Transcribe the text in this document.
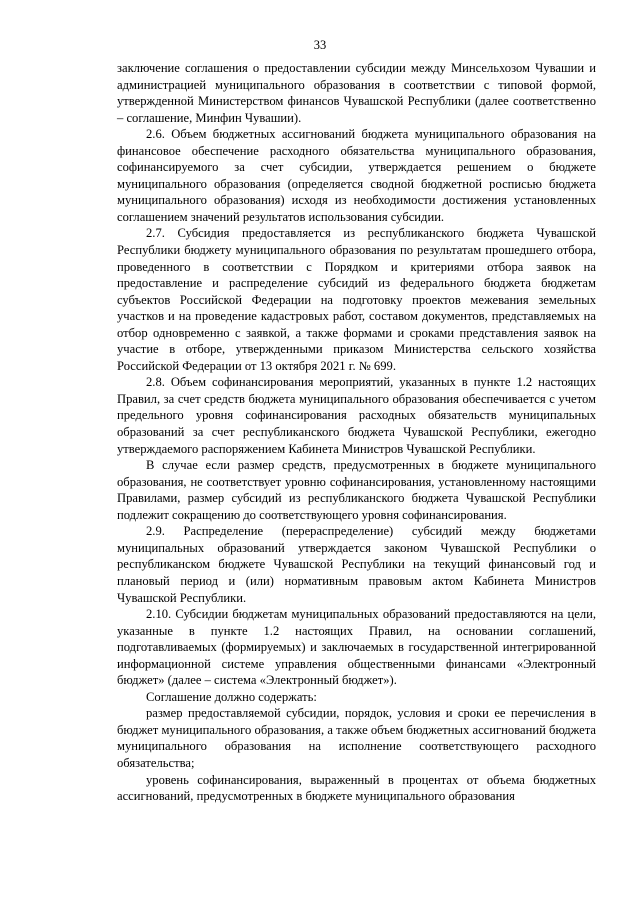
33

заключение соглашения о предоставлении субсидии между Минсельхозом Чувашии и администрацией муниципального образования в соответствии с типовой формой, утвержденной Министерством финансов Чувашской Республики (далее соответственно – соглашение, Минфин Чувашии).

2.6. Объем бюджетных ассигнований бюджета муниципального образования на финансовое обеспечение расходного обязательства муниципального образования, софинансируемого за счет субсидии, утверждается решением о бюджете муниципального образования (определяется сводной бюджетной росписью бюджета муниципального образования) исходя из необходимости достижения установленных соглашением значений результатов использования субсидии.

2.7. Субсидия предоставляется из республиканского бюджета Чувашской Республики бюджету муниципального образования по результатам прошедшего отбора, проведенного в соответствии с Порядком и критериями отбора заявок на предоставление и распределение субсидий из федерального бюджета бюджетам субъектов Российской Федерации на подготовку проектов межевания земельных участков и на проведение кадастровых работ, составом документов, представляемых на отбор одновременно с заявкой, а также формами и сроками представления заявок на участие в отборе, утвержденными приказом Министерства сельского хозяйства Российской Федерации от 13 октября 2021 г. № 699.

2.8. Объем софинансирования мероприятий, указанных в пункте 1.2 настоящих Правил, за счет средств бюджета муниципального образования обеспечивается с учетом предельного уровня софинансирования расходных обязательств муниципальных образований за счет республиканского бюджета Чувашской Республики, ежегодно утверждаемого распоряжением Кабинета Министров Чувашской Республики.

В случае если размер средств, предусмотренных в бюджете муниципального образования, не соответствует уровню софинансирования, установленному настоящими Правилами, размер субсидий из республиканского бюджета Чувашской Республики подлежит сокращению до соответствующего уровня софинансирования.

2.9. Распределение (перераспределение) субсидий между бюджетами муниципальных образований утверждается законом Чувашской Республики о республиканском бюджете Чувашской Республики на текущий финансовый год и плановый период и (или) нормативным правовым актом Кабинета Министров Чувашской Республики.

2.10. Субсидии бюджетам муниципальных образований предоставляются на цели, указанные в пункте 1.2 настоящих Правил, на основании соглашений, подготавливаемых (формируемых) и заключаемых в государственной интегрированной информационной системе управления общественными финансами «Электронный бюджет» (далее – система «Электронный бюджет»).

Соглашение должно содержать:

размер предоставляемой субсидии, порядок, условия и сроки ее перечисления в бюджет муниципального образования, а также объем бюджетных ассигнований бюджета муниципального образования на исполнение соответствующего расходного обязательства;

уровень софинансирования, выраженный в процентах от объема бюджетных ассигнований, предусмотренных в бюджете муниципального образования
